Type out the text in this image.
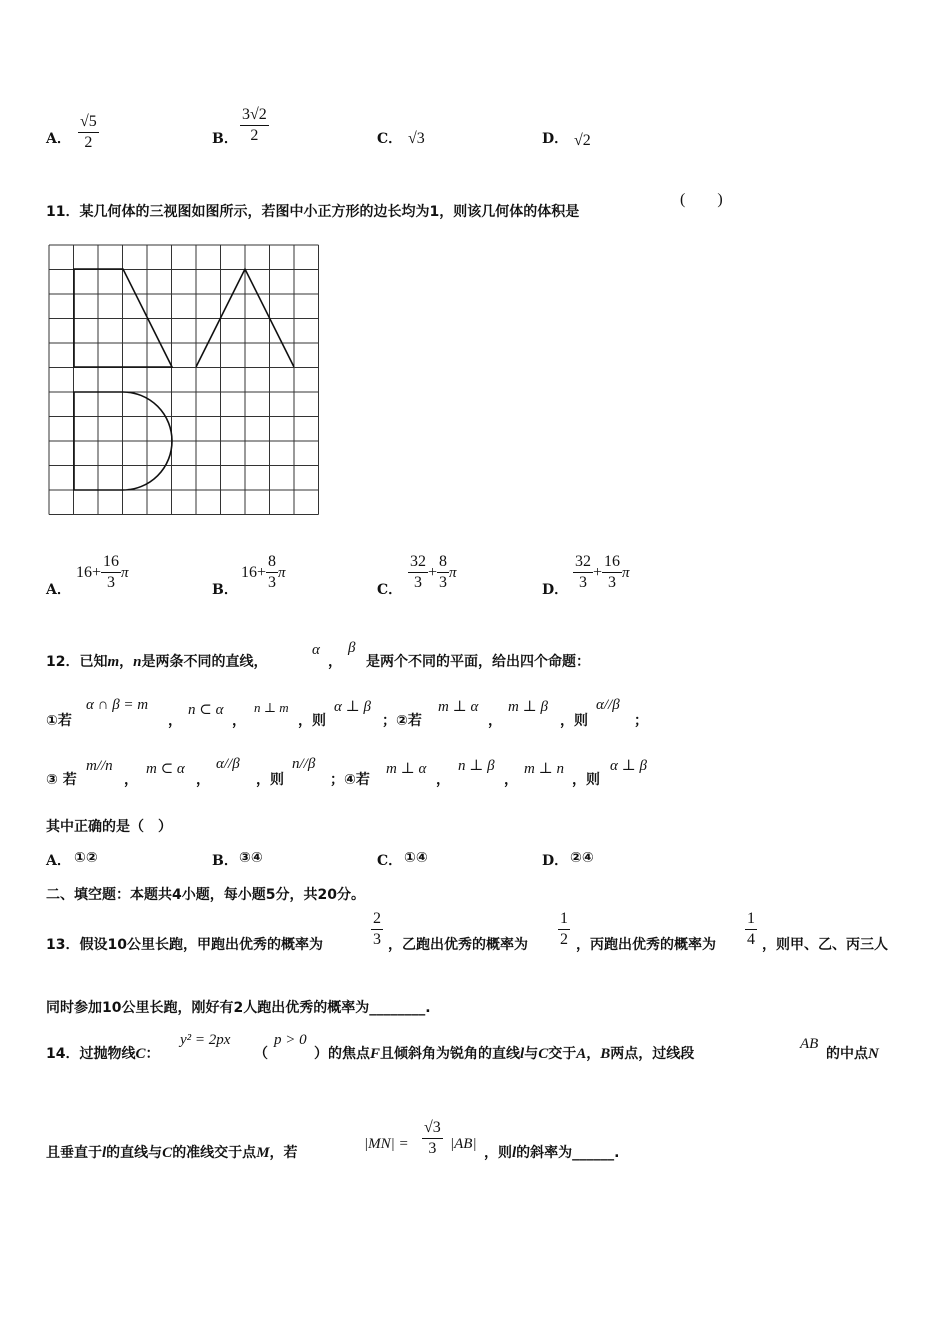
A． $\frac{√5}{2}$	B． $\frac{3√2}{2}$	C． √3	D． √2
11．某几何体的三视图如图所示，若图中小正方形的边长均为1，则该几何体的体积是
(　　)
A．
$16+ \frac{16}{3}$ π
B．
$16+ \frac{8}{3}$ π
C． $\frac{32}{3} + \frac{8}{3}$ π
D． $\frac{32}{3} + \frac{16}{3}$ π
12．已知m，n是两条不同的直线，
α
，
β
是两个不同的平面，给出四个命题：
①若
α ∩ β = m
，
n ⊂ α
，
n ⊥ m
，则
α ⊥ β
；②若
m ⊥ α
，
m ⊥ β
，则
α//β
；
③ 若
m//n
，
m ⊂ α
，
α//β
，则
n//β
；④若
m ⊥ α
，
n ⊥ β
，
m ⊥ n
，则
α ⊥ β
其中正确的是（　）
A． ①②	B． ③④	C． ①④	D． ②④
二、填空题：本题共4小题，每小题5分，共20分。
13．假设10公里长跑，甲跑出优秀的概率为	$\frac{2}{3}$ ，乙跑出优秀的概率为 $\frac{1}{2}$ ，丙跑出优秀的概率为 $\frac{1}{4}$ ，则甲、乙、丙三人
同时参加10公里长跑，刚好有2人跑出优秀的概率为________.
14．过抛物线C：
y² = 2px
（
p > 0
）的焦点F且倾斜角为锐角的直线l与C交于A，B两点，过线段
AB
的中点N
且垂直于l的直线与C的准线交于点M，若
$|MN| = \frac{√3}{3} |AB|$
，则l的斜率为______.
